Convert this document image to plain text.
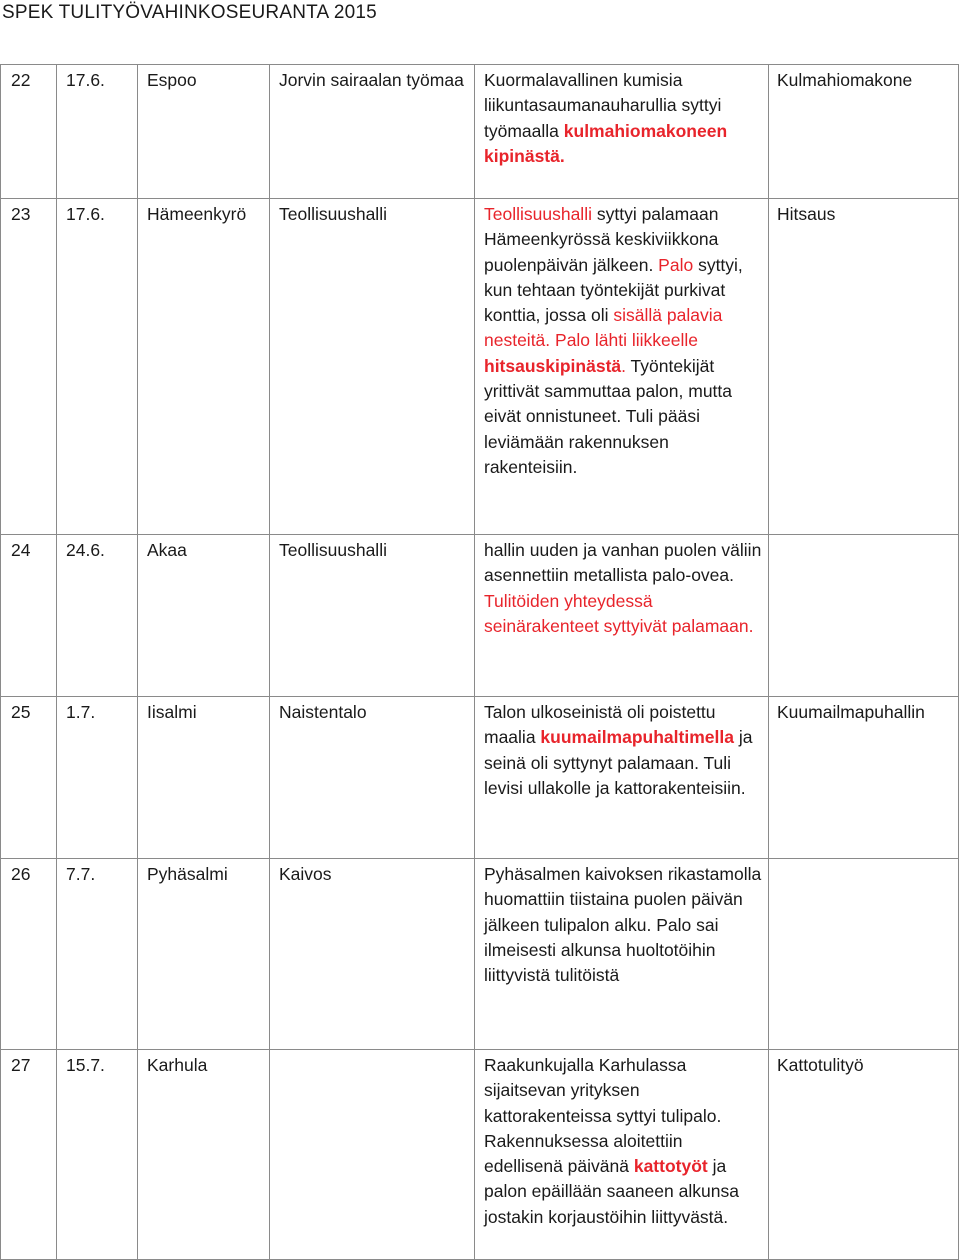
SPEK TULITYÖVAHINKOSEURANTA 2015
22	17.6.	Espoo	Jorvin sairaalan työmaa	Kuormalavallinen kumisia liikuntasaumanauharullia syttyi työmaalla kulmahiomakoneen kipinästä.	Kulmahiomakone
23	17.6.	Hämeenkyrö	Teollisuushalli	Teollisuushalli syttyi palamaan Hämeenkyrössä keskiviikkona puolenpäivän jälkeen. Palo syttyi, kun tehtaan työntekijät purkivat konttia, jossa oli sisällä palavia nesteitä. Palo lähti liikkeelle hitsauskipinästä. Työntekijät yrittivät sammuttaa palon, mutta eivät onnistuneet. Tuli pääsi leviämään rakennuksen rakenteisiin.	Hitsaus
24	24.6.	Akaa	Teollisuushalli	hallin uuden ja vanhan puolen väliin asennettiin metallista palo-ovea. Tulitöiden yhteydessä seinärakenteet syttyivät palamaan.	
25	1.7.	Iisalmi	Naistentalo	Talon ulkoseinistä oli poistettu maalia kuumailmapuhaltimella ja seinä oli syttynyt palamaan. Tuli levisi ullakolle ja kattorakenteisiin.	Kuumailmapuhallin
26	7.7.	Pyhäsalmi	Kaivos	Pyhäsalmen kaivoksen rikastamolla huomattiin tiistaina puolen päivän jälkeen tulipalon alku. Palo sai ilmeisesti alkunsa huoltotöihin liittyvistä tulitöistä	
27	15.7.	Karhula		Raakunkujalla Karhulassa sijaitsevan yrityksen kattorakenteissa syttyi tulipalo. Rakennuksessa aloitettiin edellisenä päivänä kattotyöt ja palon epäillään saaneen alkunsa jostakin korjaustöihin liittyvästä.	Kattotulityö
